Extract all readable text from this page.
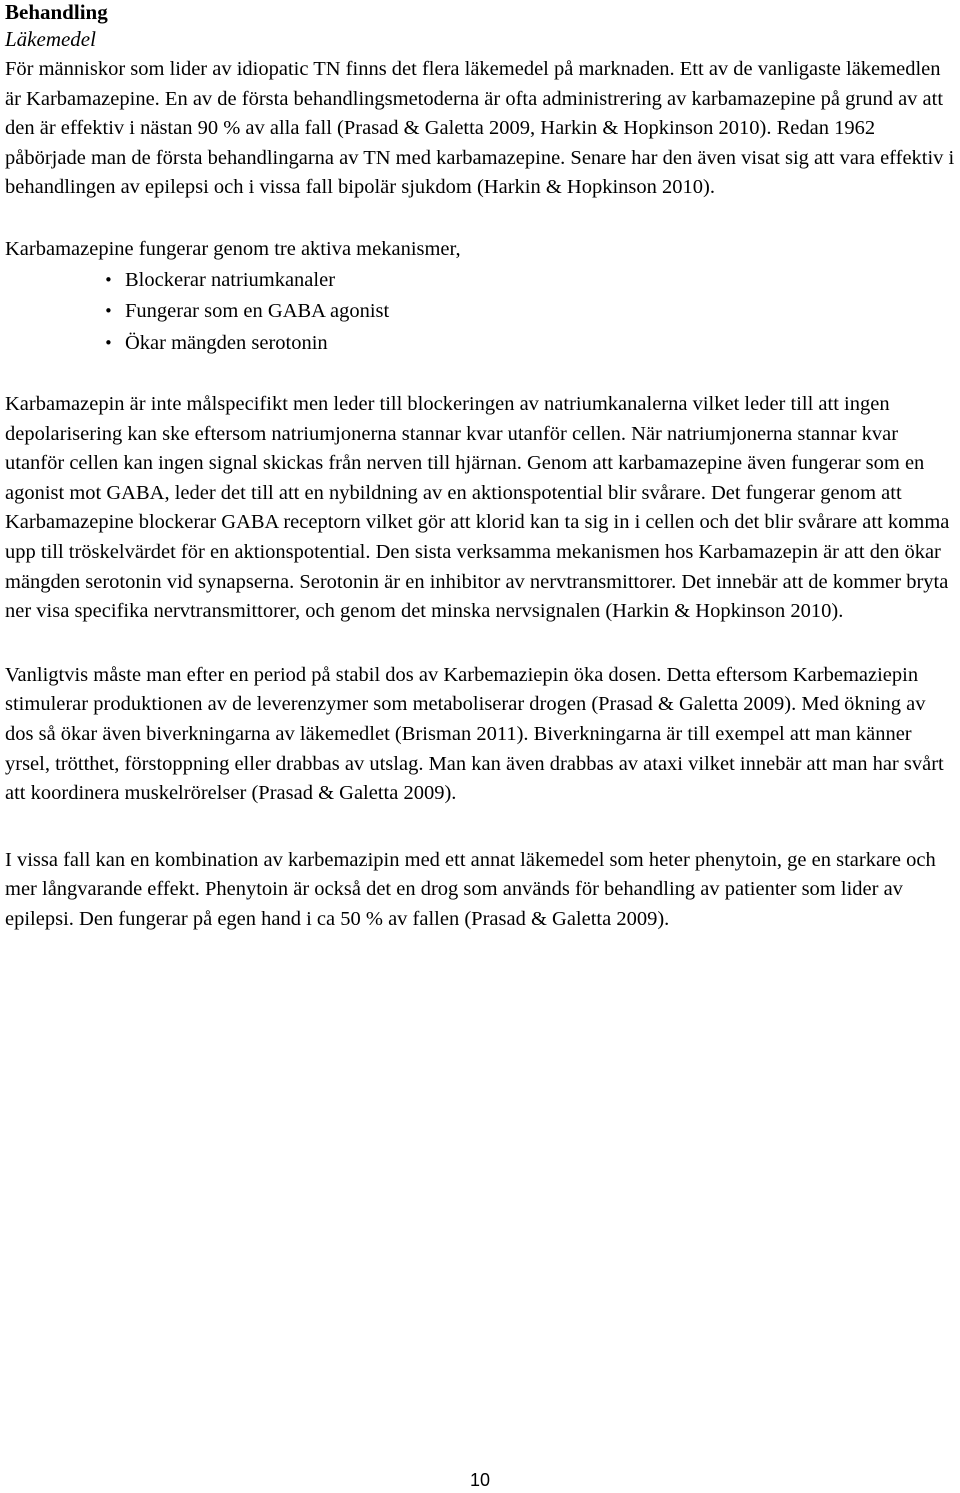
Behandling
Läkemedel

För människor som lider av idiopatic TN finns det flera läkemedel på marknaden. Ett av de vanligaste läkemedlen är Karbamazepine. En av de första behandlingsmetoderna är ofta administrering av karbamazepine på grund av att den är effektiv i nästan 90 % av alla fall (Prasad & Galetta 2009, Harkin & Hopkinson 2010). Redan 1962 påbörjade man de första behandlingarna av TN med karbamazepine. Senare har den även visat sig att vara effektiv i behandlingen av epilepsi och i vissa fall bipolär sjukdom (Harkin & Hopkinson 2010).

Karbamazepine fungerar genom tre aktiva mekanismer,

• Blockerar natriumkanaler
• Fungerar som en GABA agonist
• Ökar mängden serotonin

Karbamazepin är inte målspecifikt men leder till blockeringen av natriumkanalerna vilket leder till att ingen depolarisering kan ske eftersom natriumjonerna stannar kvar utanför cellen. När natriumjonerna stannar kvar utanför cellen kan ingen signal skickas från nerven till hjärnan. Genom att karbamazepine även fungerar som en agonist mot GABA, leder det till att en nybildning av en aktionspotential blir svårare. Det fungerar genom att Karbamazepine blockerar GABA receptorn vilket gör att klorid kan ta sig in i cellen och det blir svårare att komma upp till tröskelvärdet för en aktionspotential. Den sista verksamma mekanismen hos Karbamazepin är att den ökar mängden serotonin vid synapserna. Serotonin är en inhibitor av nervtransmittorer. Det innebär att de kommer bryta ner visa specifika nervtransmittorer, och genom det minska nervsignalen (Harkin & Hopkinson 2010).

Vanligtvis måste man efter en period på stabil dos av Karbemaziepin öka dosen. Detta eftersom Karbemaziepin stimulerar produktionen av de leverenzymer som metaboliserar drogen (Prasad & Galetta 2009). Med ökning av dos så ökar även biverkningarna av läkemedlet (Brisman 2011). Biverkningarna är till exempel att man känner yrsel, trötthet, förstoppning eller drabbas av utslag. Man kan även drabbas av ataxi vilket innebär att man har svårt att koordinera muskelrörelser (Prasad & Galetta 2009).

I vissa fall kan en kombination av karbemazipin med ett annat läkemedel som heter phenytoin, ge en starkare och mer långvarande effekt. Phenytoin är också det en drog som används för behandling av patienter som lider av epilepsi. Den fungerar på egen hand i ca 50 % av fallen (Prasad & Galetta 2009).

10
